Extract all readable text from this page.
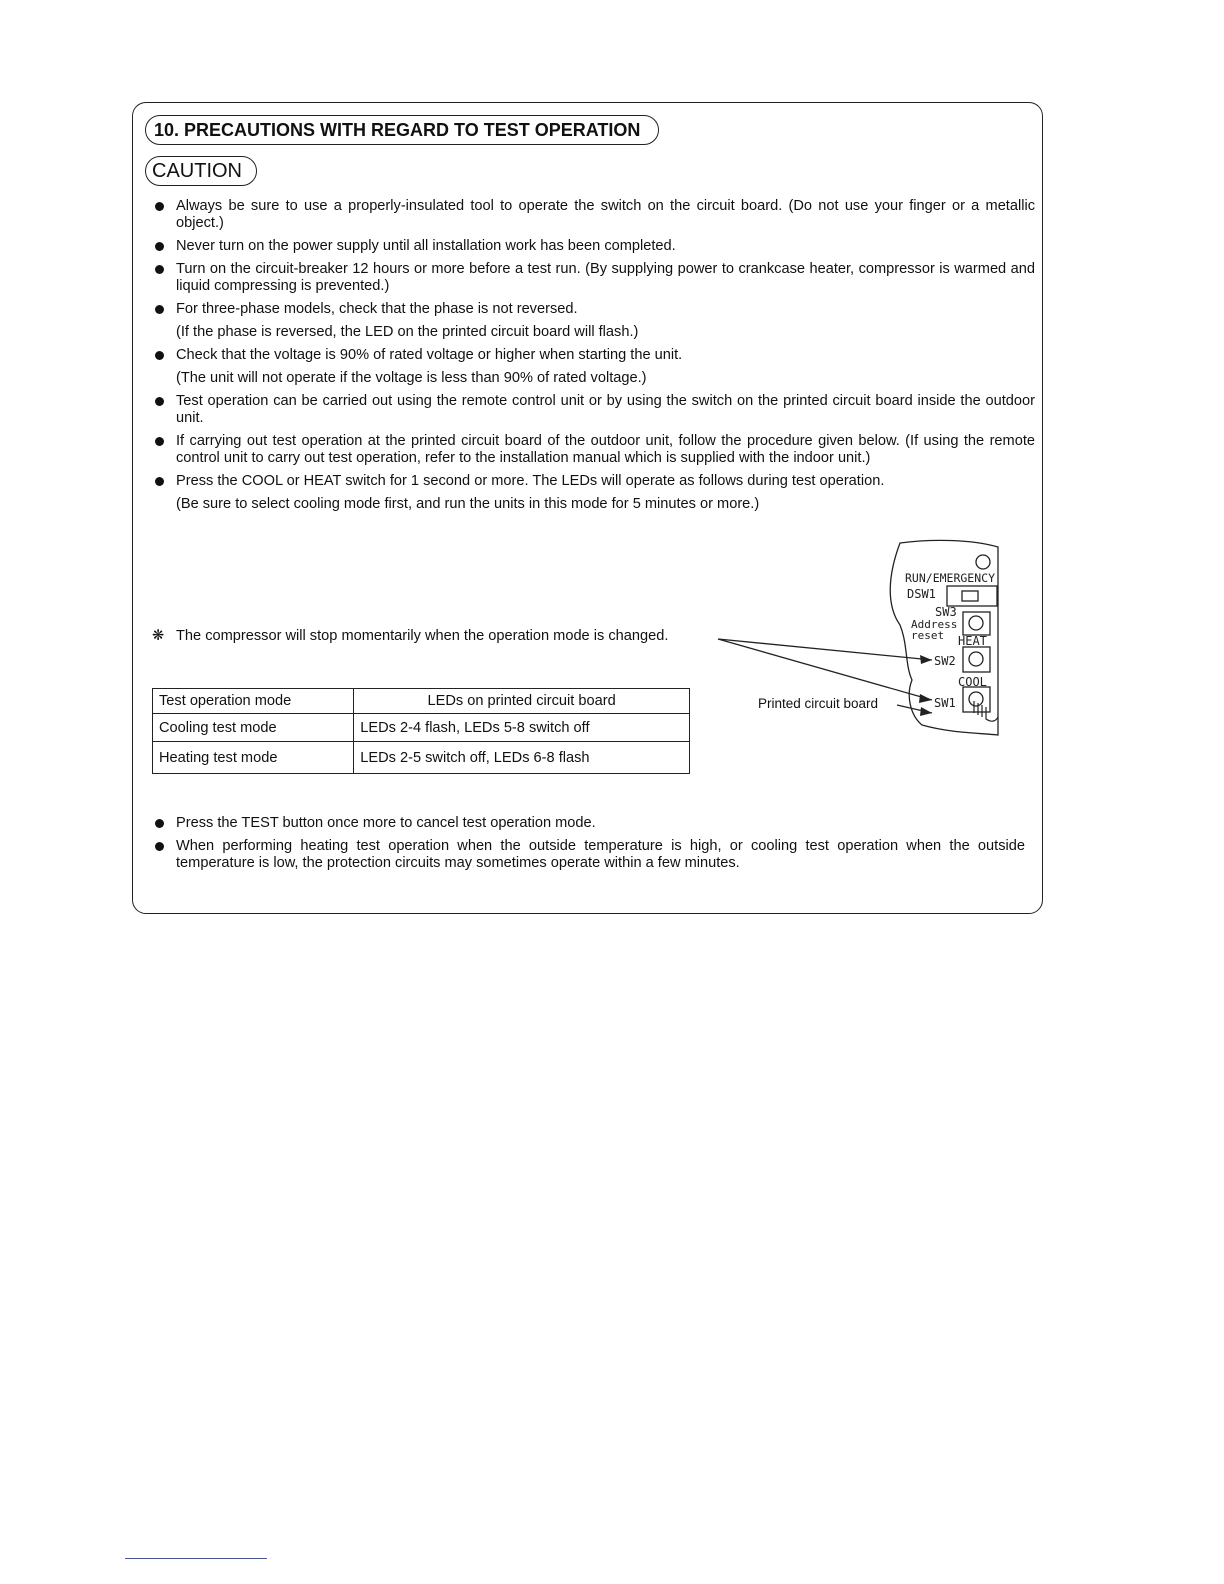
10. PRECAUTIONS WITH REGARD TO TEST OPERATION
CAUTION
Always be sure to use a properly-insulated tool to operate the switch on the circuit board. (Do not use your finger or a metallic object.)
Never turn on the power supply until all installation work has been completed.
Turn on the circuit-breaker 12 hours or more before a test run. (By supplying power to crankcase heater, compressor is warmed and liquid compressing is prevented.)
For three-phase models, check that the phase is not reversed.
(If the phase is reversed, the LED on the printed circuit board will flash.)
Check that the voltage is 90% of rated voltage or higher when starting the unit.
(The unit will not operate if the voltage is less than 90% of rated voltage.)
Test operation can be carried out using the remote control unit or by using the switch on the printed circuit board inside the outdoor unit.
If carrying out test operation at the printed circuit board of the outdoor unit, follow the procedure given below. (If using the remote control unit to carry out test operation, refer to the installation manual which is supplied with the indoor unit.)
Press the COOL or HEAT switch for 1 second or more. The LEDs will operate as follows during test operation.
(Be sure to select cooling mode first, and run the units in this mode for 5 minutes or more.)
❋ The compressor will stop momentarily when the operation mode is changed.
Test operation mode	LEDs on printed circuit board
Cooling test mode	LEDs 2-4 flash, LEDs 5-8 switch off
Heating test mode	LEDs 2-5 switch off, LEDs 6-8 flash
Printed circuit board
RUN/EMERGENCY
DSW1
SW3
Address
reset HEAT
SW2
COOL
SW1
Press the TEST button once more to cancel test operation mode.
When performing heating test operation when the outside temperature is high, or cooling test operation when the outside temperature is low, the protection circuits may sometimes operate within a few minutes.
